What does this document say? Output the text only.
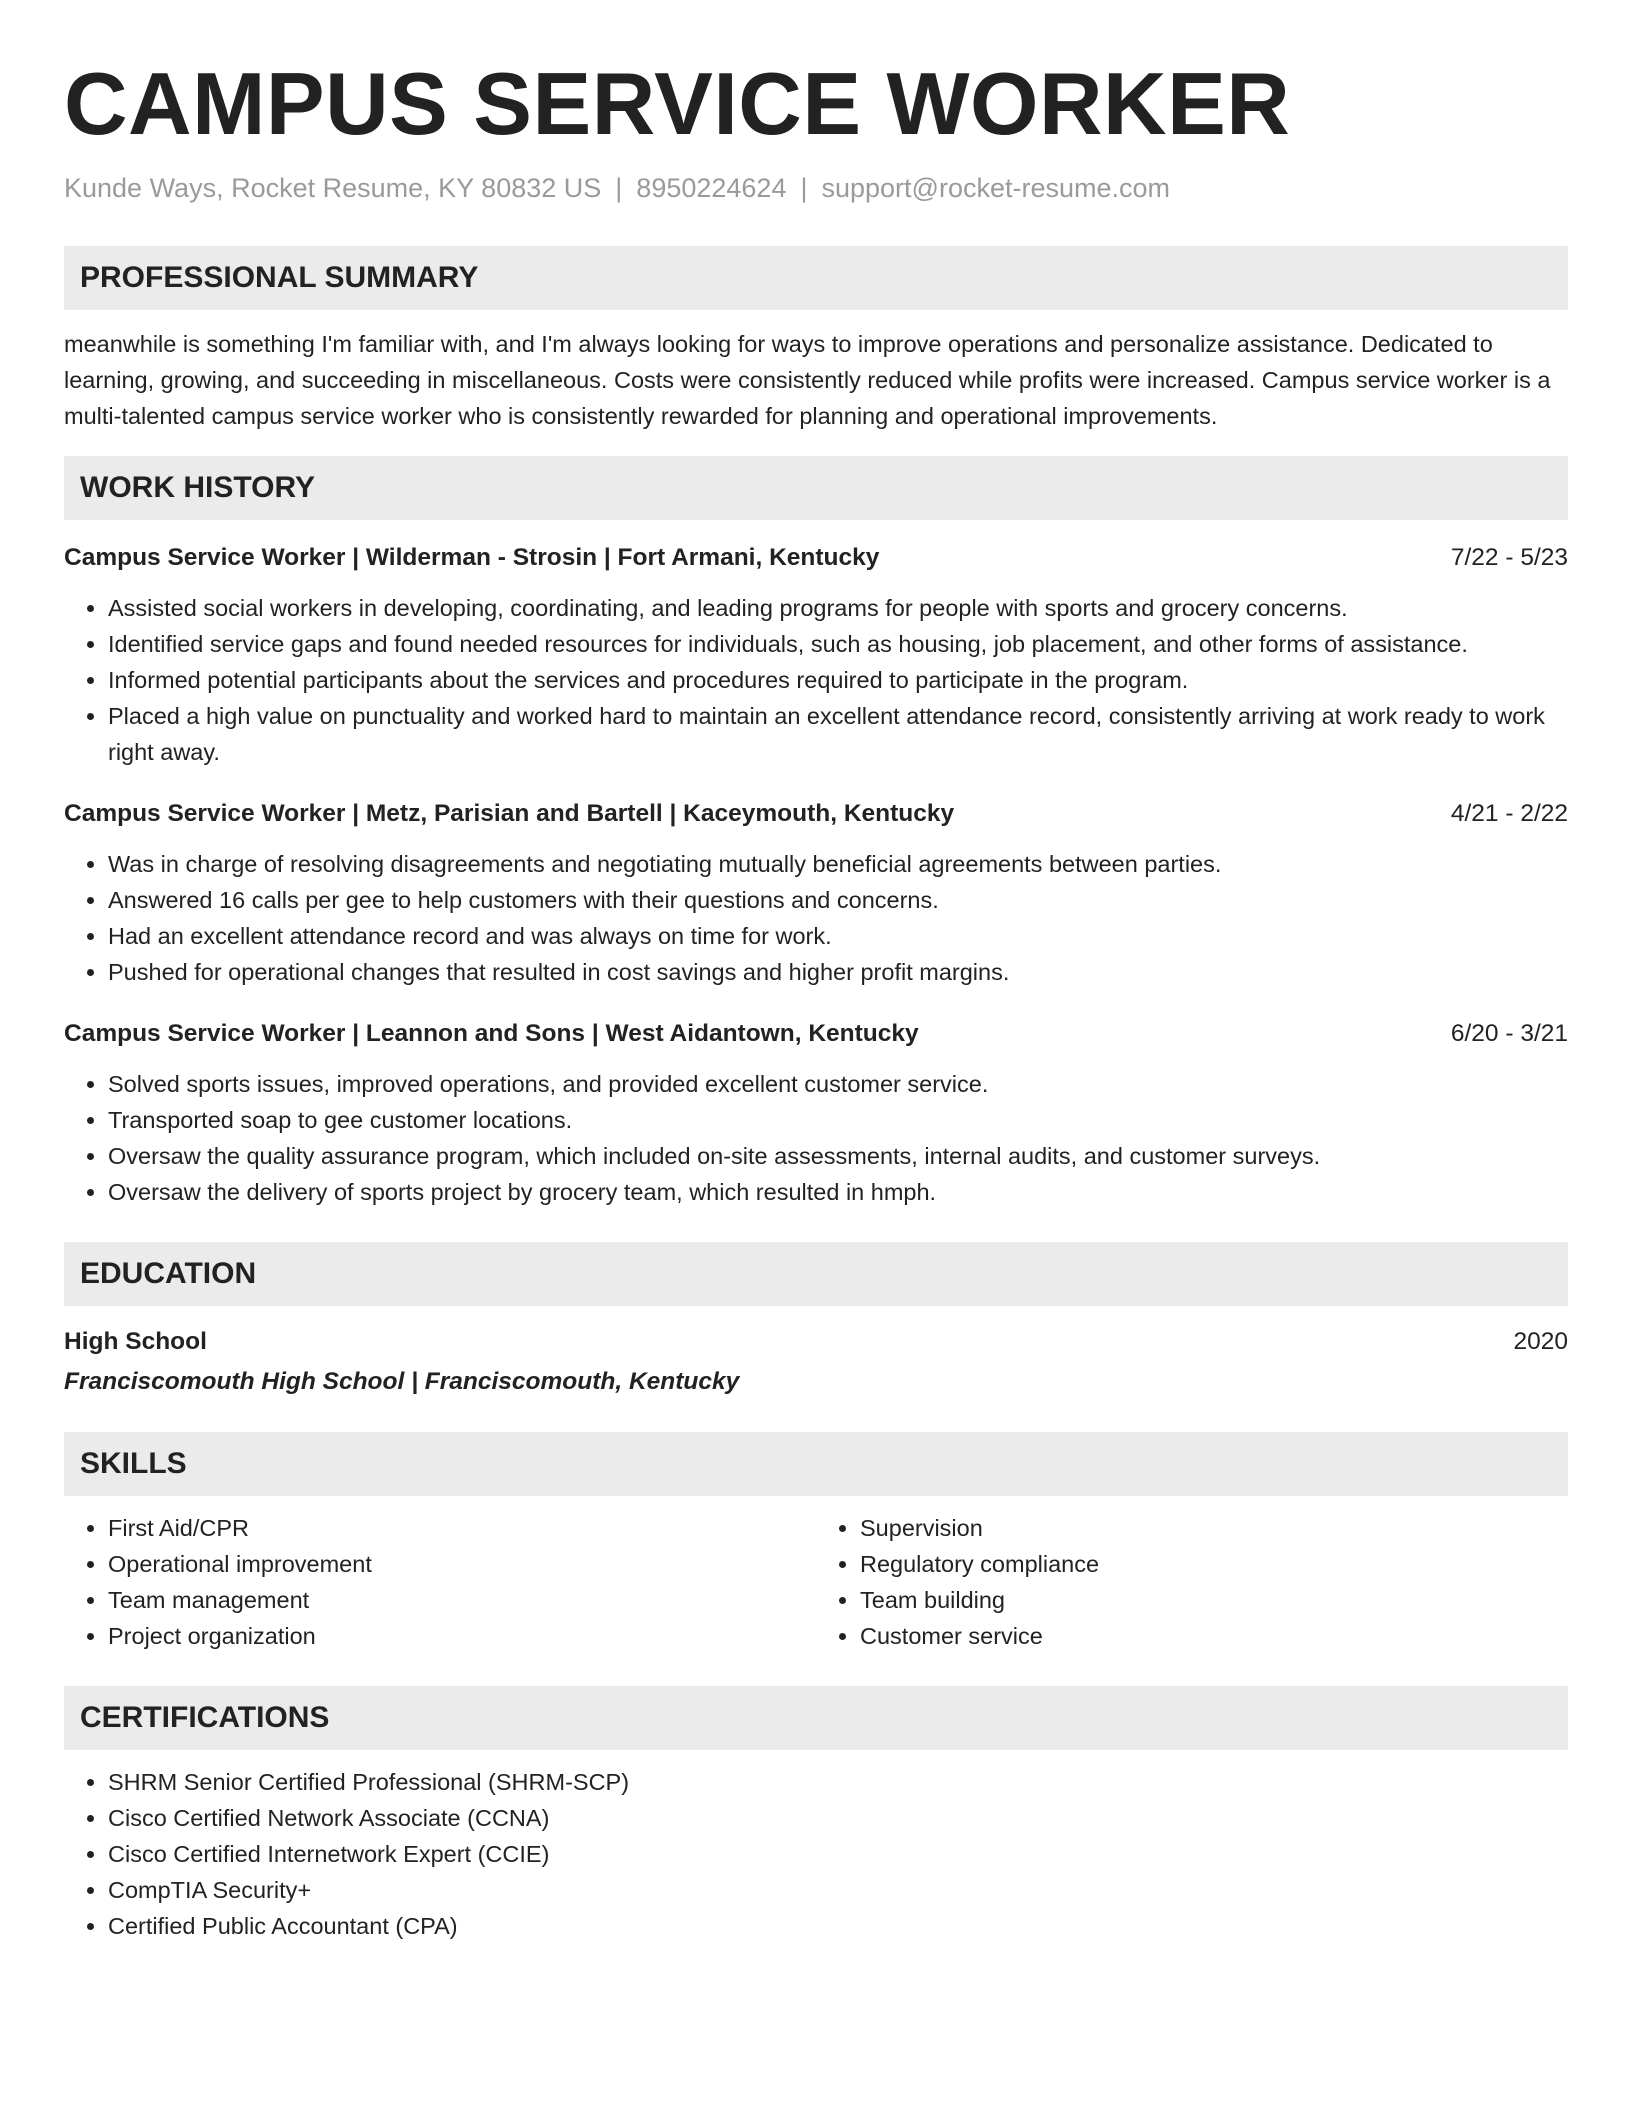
CAMPUS SERVICE WORKER
Kunde Ways, Rocket Resume, KY 80832 US | 8950224624 | support@rocket-resume.com
PROFESSIONAL SUMMARY
meanwhile is something I'm familiar with, and I'm always looking for ways to improve operations and personalize assistance. Dedicated to learning, growing, and succeeding in miscellaneous. Costs were consistently reduced while profits were increased. Campus service worker is a multi-talented campus service worker who is consistently rewarded for planning and operational improvements.
WORK HISTORY
Campus Service Worker | Wilderman - Strosin | Fort Armani, Kentucky	7/22 - 5/23
• Assisted social workers in developing, coordinating, and leading programs for people with sports and grocery concerns.
• Identified service gaps and found needed resources for individuals, such as housing, job placement, and other forms of assistance.
• Informed potential participants about the services and procedures required to participate in the program.
• Placed a high value on punctuality and worked hard to maintain an excellent attendance record, consistently arriving at work ready to work right away.
Campus Service Worker | Metz, Parisian and Bartell | Kaceymouth, Kentucky	4/21 - 2/22
• Was in charge of resolving disagreements and negotiating mutually beneficial agreements between parties.
• Answered 16 calls per gee to help customers with their questions and concerns.
• Had an excellent attendance record and was always on time for work.
• Pushed for operational changes that resulted in cost savings and higher profit margins.
Campus Service Worker | Leannon and Sons | West Aidantown, Kentucky	6/20 - 3/21
• Solved sports issues, improved operations, and provided excellent customer service.
• Transported soap to gee customer locations.
• Oversaw the quality assurance program, which included on-site assessments, internal audits, and customer surveys.
• Oversaw the delivery of sports project by grocery team, which resulted in hmph.
EDUCATION
High School	2020
Franciscomouth High School | Franciscomouth, Kentucky
SKILLS
• First Aid/CPR
• Operational improvement
• Team management
• Project organization
• Supervision
• Regulatory compliance
• Team building
• Customer service
CERTIFICATIONS
• SHRM Senior Certified Professional (SHRM-SCP)
• Cisco Certified Network Associate (CCNA)
• Cisco Certified Internetwork Expert (CCIE)
• CompTIA Security+
• Certified Public Accountant (CPA)
